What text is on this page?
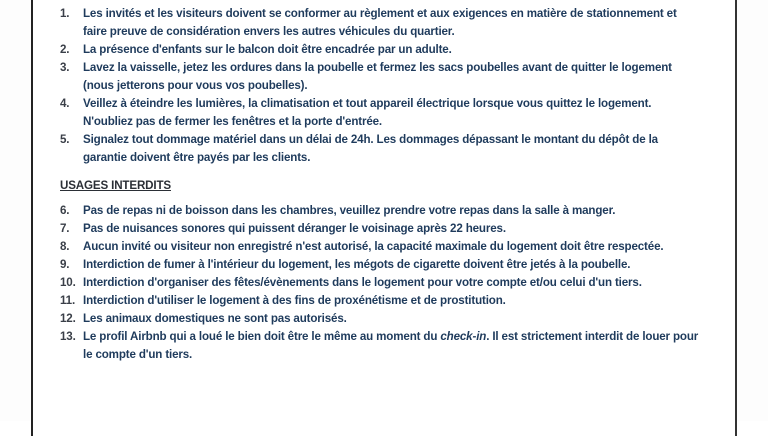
1. Les invités et les visiteurs doivent se conformer au règlement et aux exigences en matière de stationnement et faire preuve de considération envers les autres véhicules du quartier.
2. La présence d'enfants sur le balcon doit être encadrée par un adulte.
3. Lavez la vaisselle, jetez les ordures dans la poubelle et fermez les sacs poubelles avant de quitter le logement (nous jetterons pour vous vos poubelles).
4. Veillez à éteindre les lumières, la climatisation et tout appareil électrique lorsque vous quittez le logement. N'oubliez pas de fermer les fenêtres et la porte d'entrée.
5. Signalez tout dommage matériel dans un délai de 24h. Les dommages dépassant le montant du dépôt de la garantie doivent être payés par les clients.
USAGES INTERDITS
6. Pas de repas ni de boisson dans les chambres, veuillez prendre votre repas dans la salle à manger.
7. Pas de nuisances sonores qui puissent déranger le voisinage après 22 heures.
8. Aucun invité ou visiteur non enregistré n'est autorisé, la capacité maximale du logement doit être respectée.
9. Interdiction de fumer à l'intérieur du logement, les mégots de cigarette doivent être jetés à la poubelle.
10. Interdiction d'organiser des fêtes/évènements dans le logement pour votre compte et/ou celui d'un tiers.
11. Interdiction d'utiliser le logement à des fins de proxénétisme et de prostitution.
12. Les animaux domestiques ne sont pas autorisés.
13. Le profil Airbnb qui a loué le bien doit être le même au moment du check-in. Il est strictement interdit de louer pour le compte d'un tiers.
